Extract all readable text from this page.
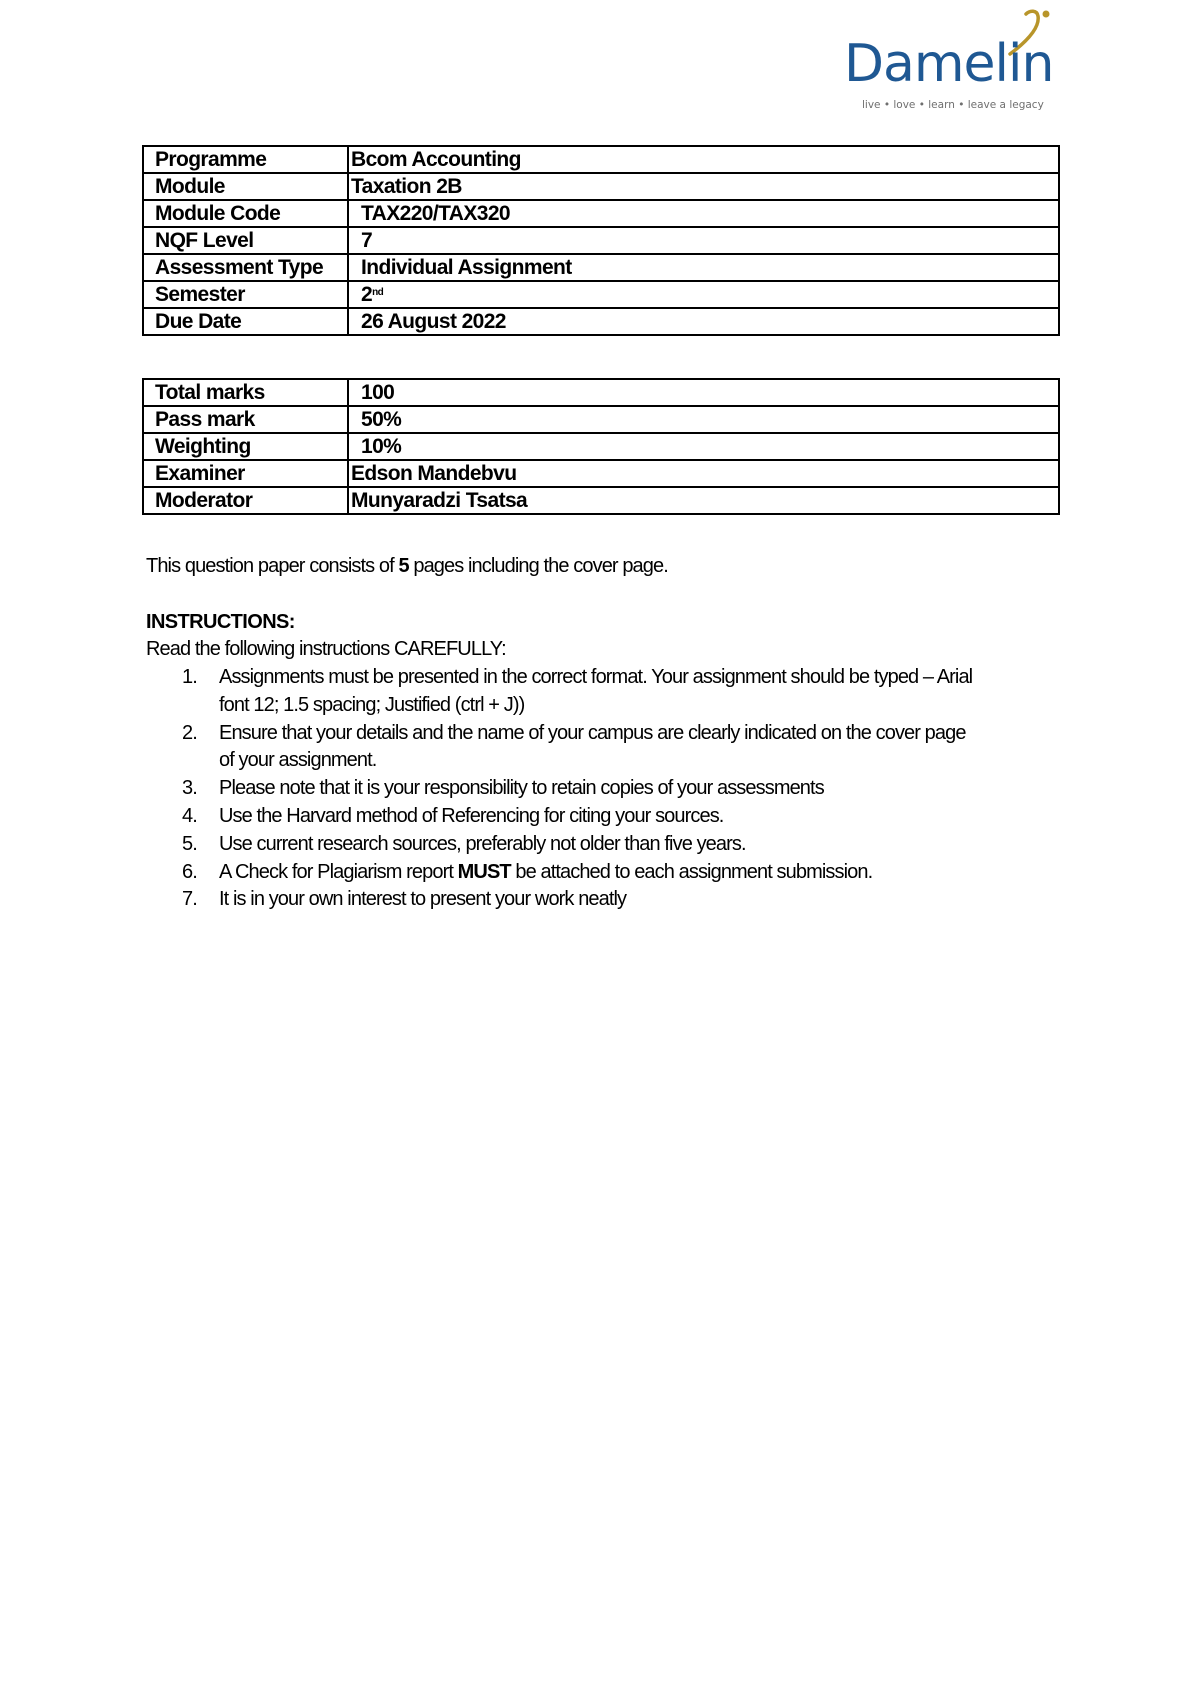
Damelin
live • love • learn • leave a legacy
Programme	Bcom Accounting
Module	Taxation 2B
Module Code	TAX220/TAX320
NQF Level	7
Assessment Type	Individual Assignment
Semester	2nd
Due Date	26 August 2022
Total marks	100
Pass mark	50%
Weighting	10%
Examiner	Edson Mandebvu
Moderator	Munyaradzi Tsatsa
This question paper consists of 5 pages including the cover page.
INSTRUCTIONS:
Read the following instructions CAREFULLY:
1. Assignments must be presented in the correct format. Your assignment should be typed – Arial
font 12; 1.5 spacing; Justified (ctrl + J))
2. Ensure that your details and the name of your campus are clearly indicated on the cover page
of your assignment.
3. Please note that it is your responsibility to retain copies of your assessments
4. Use the Harvard method of Referencing for citing your sources.
5. Use current research sources, preferably not older than five years.
6. A Check for Plagiarism report MUST be attached to each assignment submission.
7. It is in your own interest to present your work neatly
